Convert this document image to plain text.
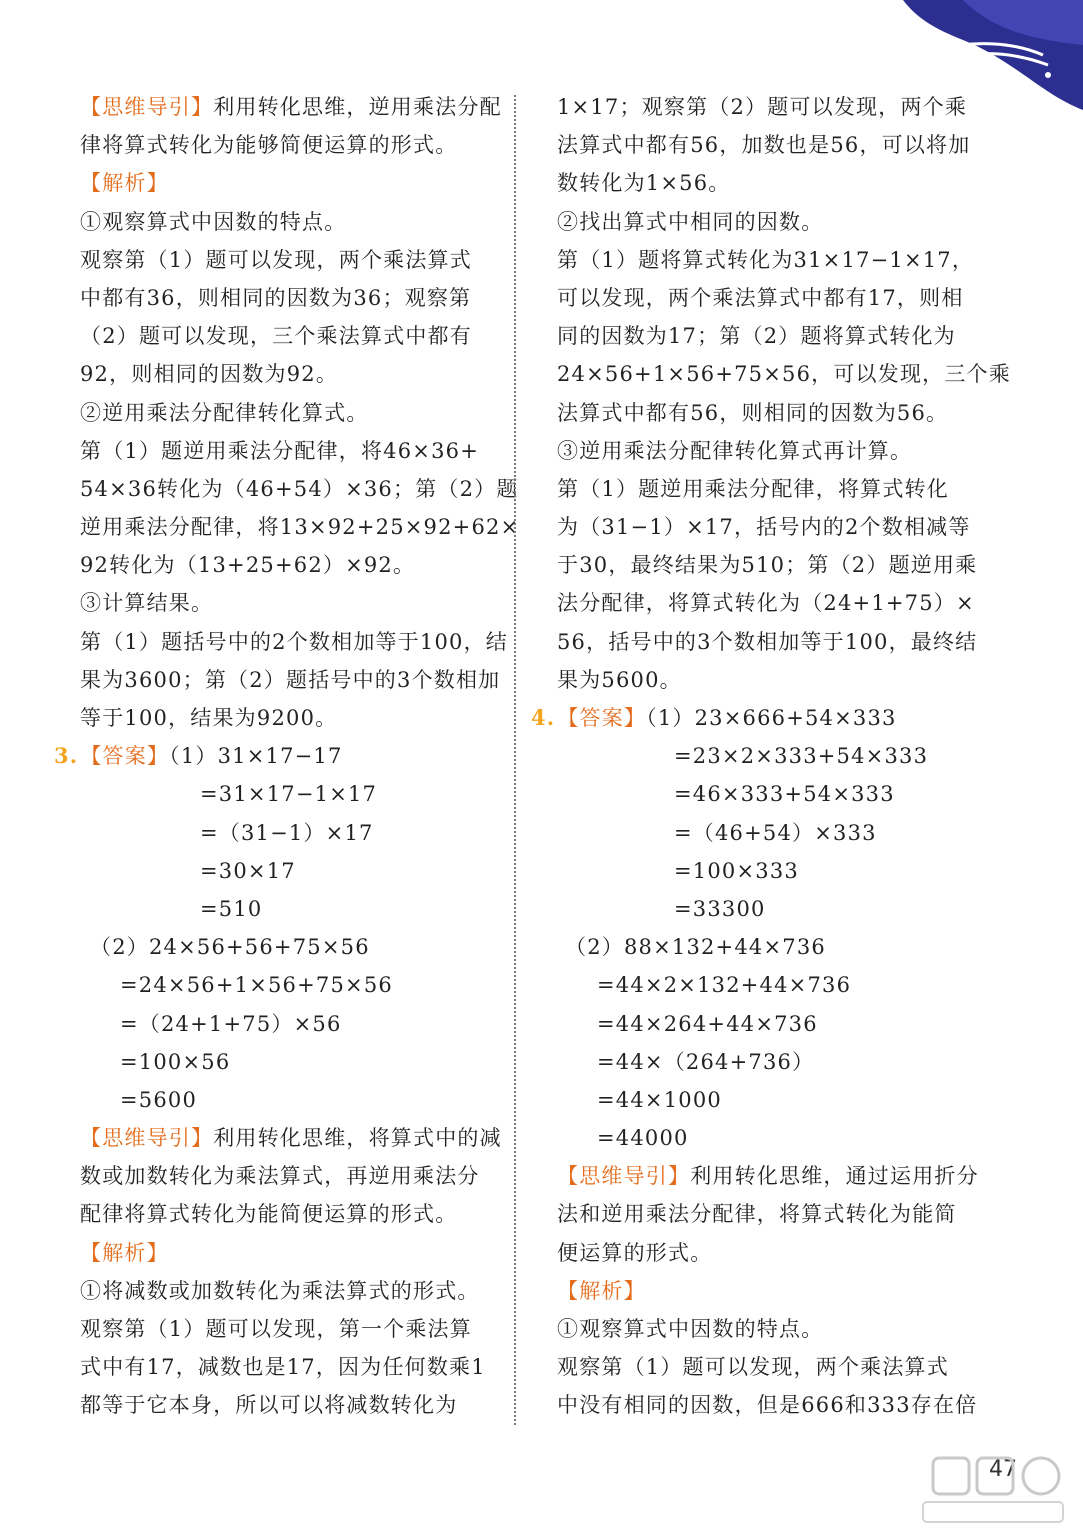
【思维导引】利用转化思维，逆用乘法分配
律将算式转化为能够简便运算的形式。
【解析】
①观察算式中因数的特点。
观察第（1）题可以发现，两个乘法算式
中都有36，则相同的因数为36；观察第
（2）题可以发现，三个乘法算式中都有
92，则相同的因数为92。
②逆用乘法分配律转化算式。
第（1）题逆用乘法分配律，将46×36+
54×36转化为（46+54）×36；第（2）题
逆用乘法分配律，将13×92+25×92+62×
92转化为（13+25+62）×92。
③计算结果。
第（1）题括号中的2个数相加等于100，结
果为3600；第（2）题括号中的3个数相加
等于100，结果为9200。
3.【答案】（1）31×17−17
=31×17−1×17
=（31−1）×17
=30×17
=510
（2）24×56+56+75×56
=24×56+1×56+75×56
=（24+1+75）×56
=100×56
=5600
【思维导引】利用转化思维，将算式中的减
数或加数转化为乘法算式，再逆用乘法分
配律将算式转化为能简便运算的形式。
【解析】
①将减数或加数转化为乘法算式的形式。
观察第（1）题可以发现，第一个乘法算
式中有17，减数也是17，因为任何数乘1
都等于它本身，所以可以将减数转化为
1×17；观察第（2）题可以发现，两个乘
法算式中都有56，加数也是56，可以将加
数转化为1×56。
②找出算式中相同的因数。
第（1）题将算式转化为31×17−1×17，
可以发现，两个乘法算式中都有17，则相
同的因数为17；第（2）题将算式转化为
24×56+1×56+75×56，可以发现，三个乘
法算式中都有56，则相同的因数为56。
③逆用乘法分配律转化算式再计算。
第（1）题逆用乘法分配律，将算式转化
为（31−1）×17，括号内的2个数相减等
于30，最终结果为510；第（2）题逆用乘
法分配律，将算式转化为（24+1+75）×
56，括号中的3个数相加等于100，最终结
果为5600。
4.【答案】（1）23×666+54×333
=23×2×333+54×333
=46×333+54×333
=（46+54）×333
=100×333
=33300
（2）88×132+44×736
=44×2×132+44×736
=44×264+44×736
=44×（264+736）
=44×1000
=44000
【思维导引】利用转化思维，通过运用折分
法和逆用乘法分配律，将算式转化为能简
便运算的形式。
【解析】
①观察算式中因数的特点。
观察第（1）题可以发现，两个乘法算式
中没有相同的因数，但是666和333存在倍
47
